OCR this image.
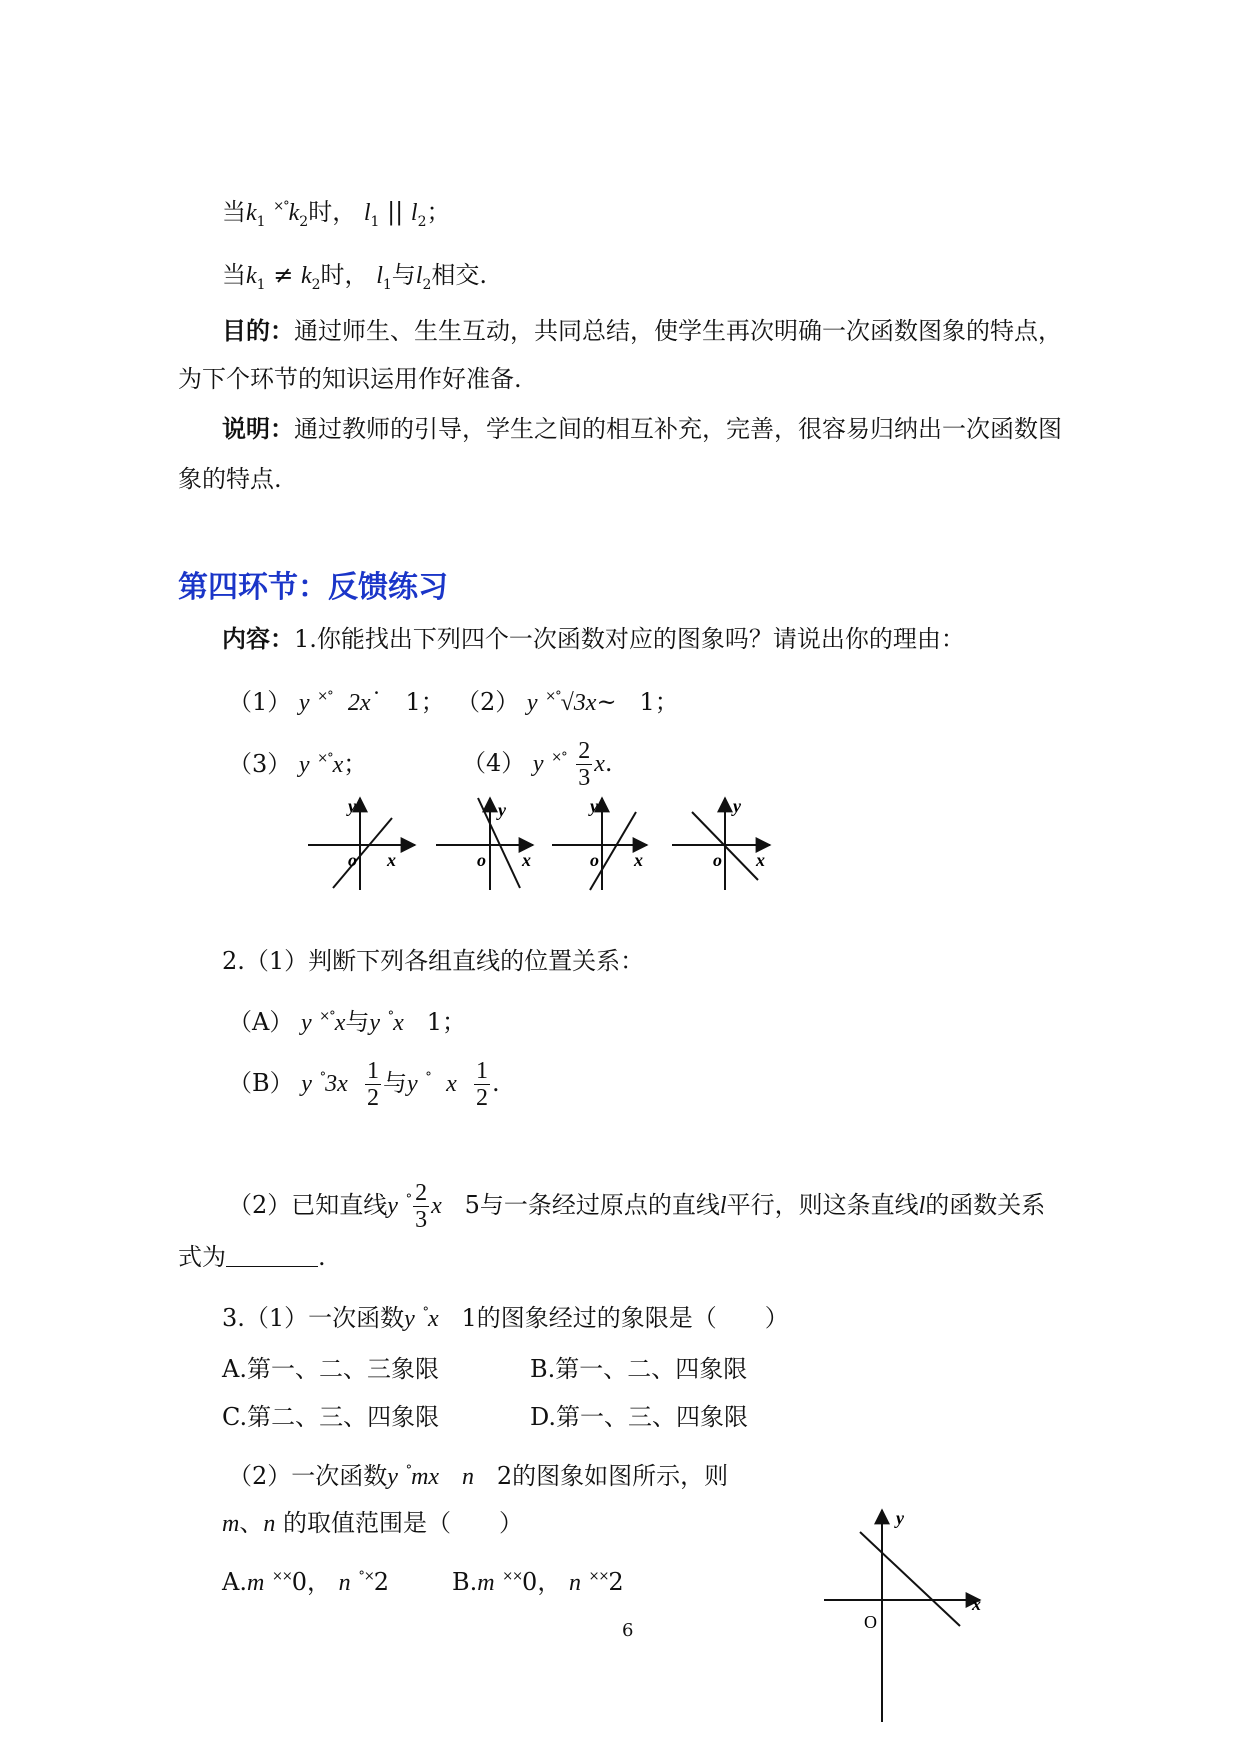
当$k_1$ $^{\times^\circ}k_2$时， $l_1$ || $l_2$；
当$k_1 \ne k_2$时， $l_1$与$l_2$相交.
目的：通过师生、生生互动，共同总结，使学生再次明确一次函数图象的特点，
为下个环节的知识运用作好准备.
说明：通过教师的引导，学生之间的相互补充，完善，很容易归纳出一次函数图
象的特点.
第四环节：反馈练习
内容：1.你能找出下列四个一次函数对应的图象吗？请说出你的理由：
（1） y ×° 2x˙ 1； （2） y ×°√3x~ 1；
（3） y ×°x；	（4） y $^{\times^\circ} \frac{2}{3} x$.
y
x
o
y
x
o
y
x
o
y
x
o
2.（1）判断下列各组直线的位置关系：
（A） y ×°x与y °x 1；
（B） y $^\circ 3x \frac{1}{2}$ 与y ° x $\frac{1}{2}$ .
（2）已知直线y $^\circ \frac{2}{3}$ x 5与一条经过原点的直线l平行，则这条直线l的函数关系
式为	.
3.（1）一次函数y °x 1的图象经过的象限是（　　）
A.第一、二、三象限	B.第一、二、四象限
C.第二、三、四象限	D.第一、三、四象限
（2）一次函数y °mx n 2的图象如图所示，则
m、n 的取值范围是（　　）
A.m ××0， n °×2	B.m ××0， n ××2
y
x
O
6
